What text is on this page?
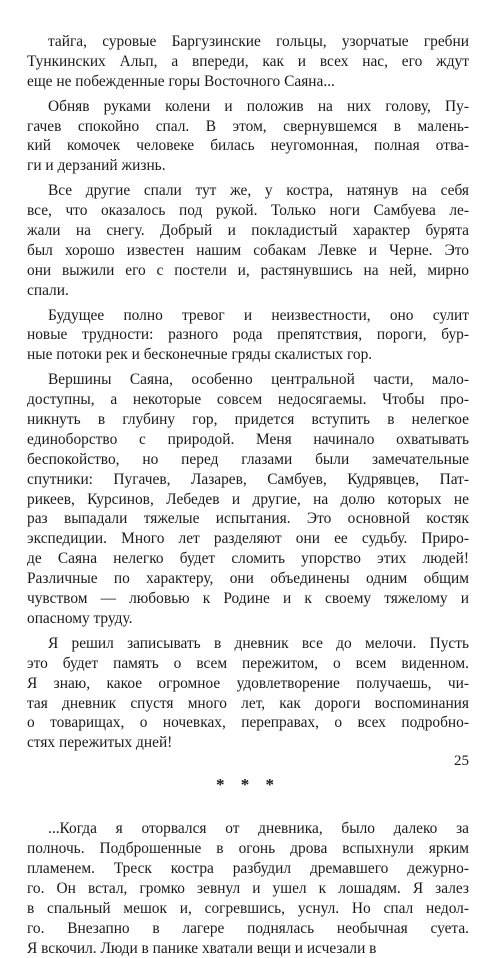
тайга, суровые Баргузинские гольцы, узорчатые гребни
Тункинских Альп, а впереди, как и всех нас, его ждут
еще не побежденные горы Восточного Саяна...
Обняв руками колени и положив на них голову, Пу-
гачев спокойно спал. В этом, свернувшемся в малень-
кий комочек человеке билась неугомонная, полная отва-
ги и дерзаний жизнь.
Все другие спали тут же, у костра, натянув на себя
все, что оказалось под рукой. Только ноги Самбуева ле-
жали на снегу. Добрый и покладистый характер бурята
был хорошо известен нашим собакам Левке и Черне. Это
они выжили его с постели и, растянувшись на ней, мирно
спали.
Будущее полно тревог и неизвестности, оно сулит
новые трудности: разного рода препятствия, пороги, бур-
ные потоки рек и бесконечные гряды скалистых гор.
Вершины Саяна, особенно центральной части, мало-
доступны, а некоторые совсем недосягаемы. Чтобы про-
никнуть в глубину гор, придется вступить в нелегкое
единоборство с природой. Меня начинало охватывать
беспокойство, но перед глазами были замечательные
спутники: Пугачев, Лазарев, Самбуев, Кудрявцев, Пат-
рикеев, Курсинов, Лебедев и другие, на долю которых не
раз выпадали тяжелые испытания. Это основной костяк
экспедиции. Много лет разделяют они ее судьбу. Приро-
де Саяна нелегко будет сломить упорство этих людей!
Различные по характеру, они объединены одним общим
чувством — любовью к Родине и к своему тяжелому и
опасному труду.
Я решил записывать в дневник все до мелочи. Пусть
это будет память о всем пережитом, о всем виденном.
Я знаю, какое огромное удовлетворение получаешь, чи-
тая дневник спустя много лет, как дороги воспоминания
о товарищах, о ночевках, переправах, о всех подробно-
стях пережитых дней!
* * *
...Когда я оторвался от дневника, было далеко за
полночь. Подброшенные в огонь дрова вспыхнули ярким
пламенем. Треск костра разбудил дремавшего дежурно-
го. Он встал, громко зевнул и ушел к лошадям. Я залез
в спальный мешок и, согревшись, уснул. Но спал недол-
го. Внезапно в лагере поднялась необычная суета.
Я вскочил. Люди в панике хватали вещи и исчезали в
25
